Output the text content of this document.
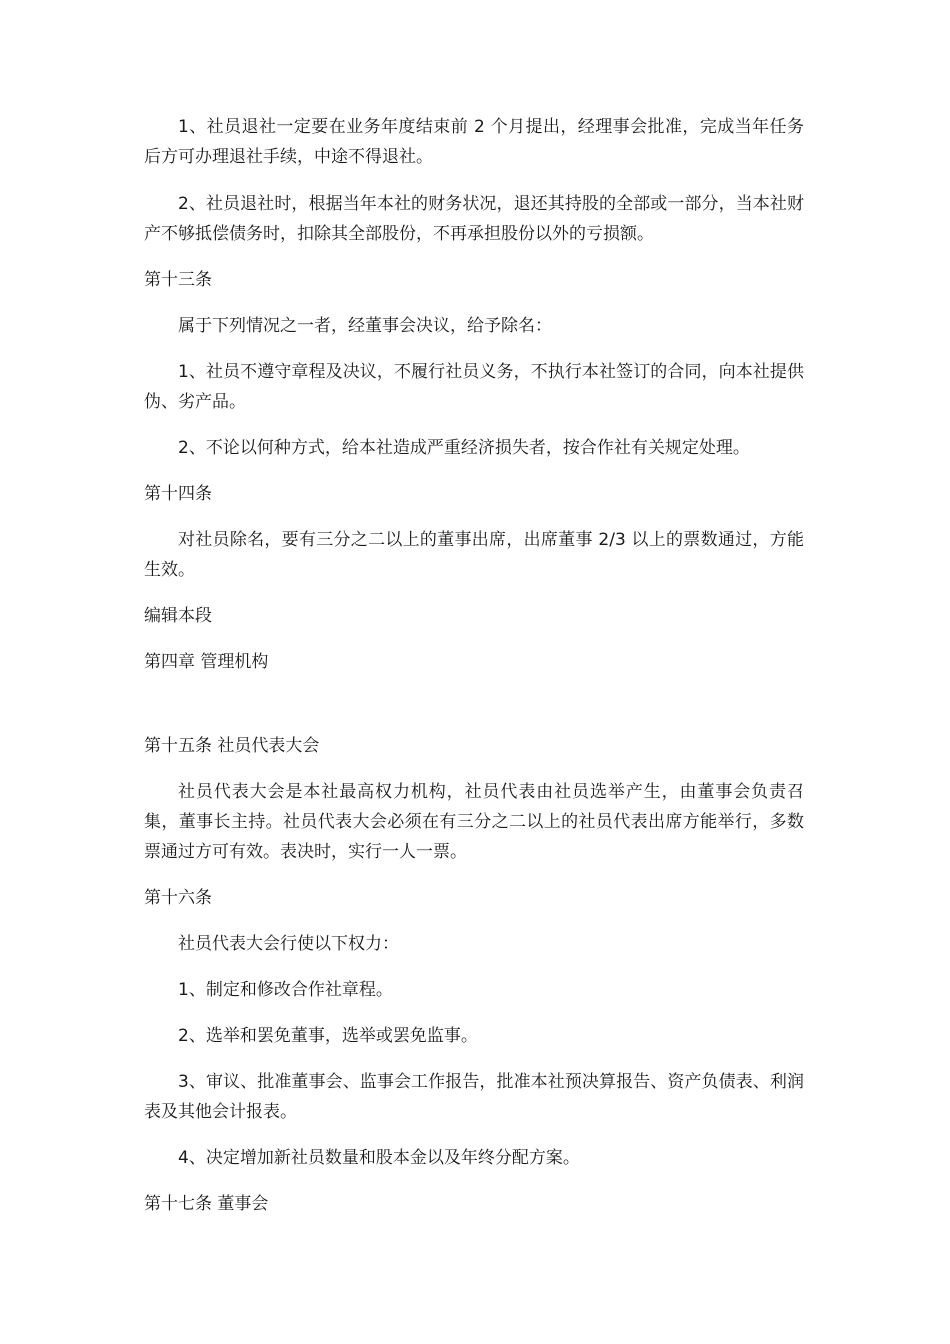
1、社员退社一定要在业务年度结束前 2 个月提出，经理事会批准，完成当年任务后方可办理退社手续，中途不得退社。

2、社员退社时，根据当年本社的财务状况，退还其持股的全部或一部分，当本社财产不够抵偿债务时，扣除其全部股份，不再承担股份以外的亏损额。

第十三条

属于下列情况之一者，经董事会决议，给予除名：

1、社员不遵守章程及决议，不履行社员义务，不执行本社签订的合同，向本社提供伪、劣产品。

2、不论以何种方式，给本社造成严重经济损失者，按合作社有关规定处理。

第十四条

对社员除名，要有三分之二以上的董事出席，出席董事 2/3 以上的票数通过，方能生效。

编辑本段

第四章 管理机构

第十五条 社员代表大会

社员代表大会是本社最高权力机构，社员代表由社员选举产生，由董事会负责召集，董事长主持。社员代表大会必须在有三分之二以上的社员代表出席方能举行，多数票通过方可有效。表决时，实行一人一票。

第十六条

社员代表大会行使以下权力：

1、制定和修改合作社章程。

2、选举和罢免董事，选举或罢免监事。

3、审议、批准董事会、监事会工作报告，批准本社预决算报告、资产负债表、利润表及其他会计报表。

4、决定增加新社员数量和股本金以及年终分配方案。

第十七条 董事会
